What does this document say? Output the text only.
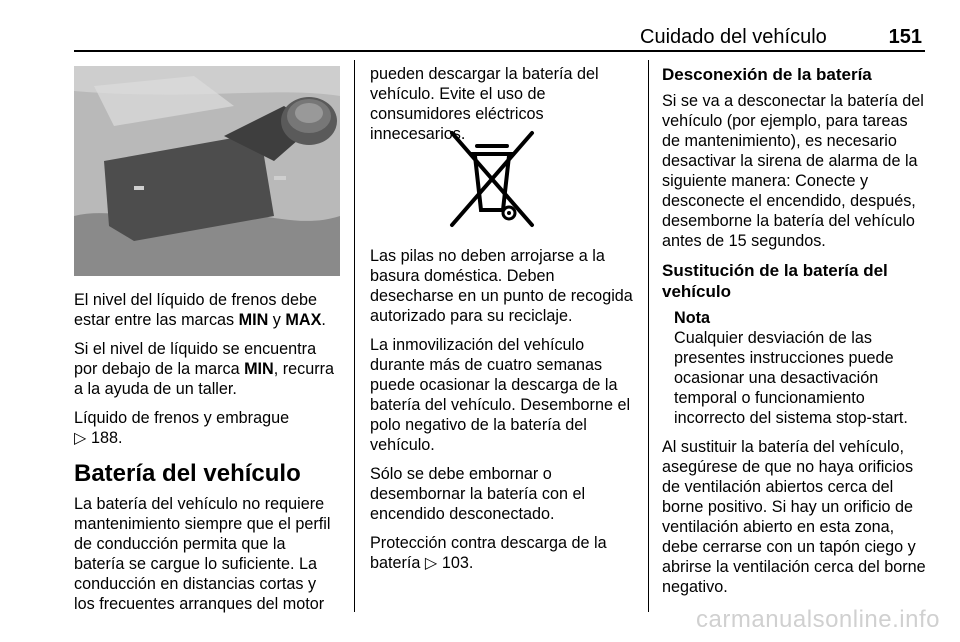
Cuidado del vehículo	151

El nivel del líquido de frenos debe estar entre las marcas MIN y MAX.

Si el nivel de líquido se encuentra por debajo de la marca MIN, recurra a la ayuda de un taller.

Líquido de frenos y embrague
▷ 188.

Batería del vehículo

La batería del vehículo no requiere mantenimiento siempre que el perfil de conducción permita que la batería se cargue lo suficiente. La conducción en distancias cortas y los frecuentes arranques del motor

pueden descargar la batería del vehículo. Evite el uso de consumidores eléctricos innecesarios.

Las pilas no deben arrojarse a la basura doméstica. Deben desecharse en un punto de recogida autorizado para su reciclaje.

La inmovilización del vehículo durante más de cuatro semanas puede ocasionar la descarga de la batería del vehículo. Desemborne el polo negativo de la batería del vehículo.

Sólo se debe embornar o desembornar la batería con el encendido desconectado.

Protección contra descarga de la batería ▷ 103.

Desconexión de la batería

Si se va a desconectar la batería del vehículo (por ejemplo, para tareas de mantenimiento), es necesario desactivar la sirena de alarma de la siguiente manera: Conecte y desconecte el encendido, después, desemborne la batería del vehículo antes de 15 segundos.

Sustitución de la batería del vehículo
Nota
Cualquier desviación de las presentes instrucciones puede ocasionar una desactivación temporal o funcionamiento incorrecto del sistema stop-start.

Al sustituir la batería del vehículo, asegúrese de que no haya orificios de ventilación abiertos cerca del borne positivo. Si hay un orificio de ventilación abierto en esta zona, debe cerrarse con un tapón ciego y abrirse la ventilación cerca del borne negativo.

carmanualsonline.info
